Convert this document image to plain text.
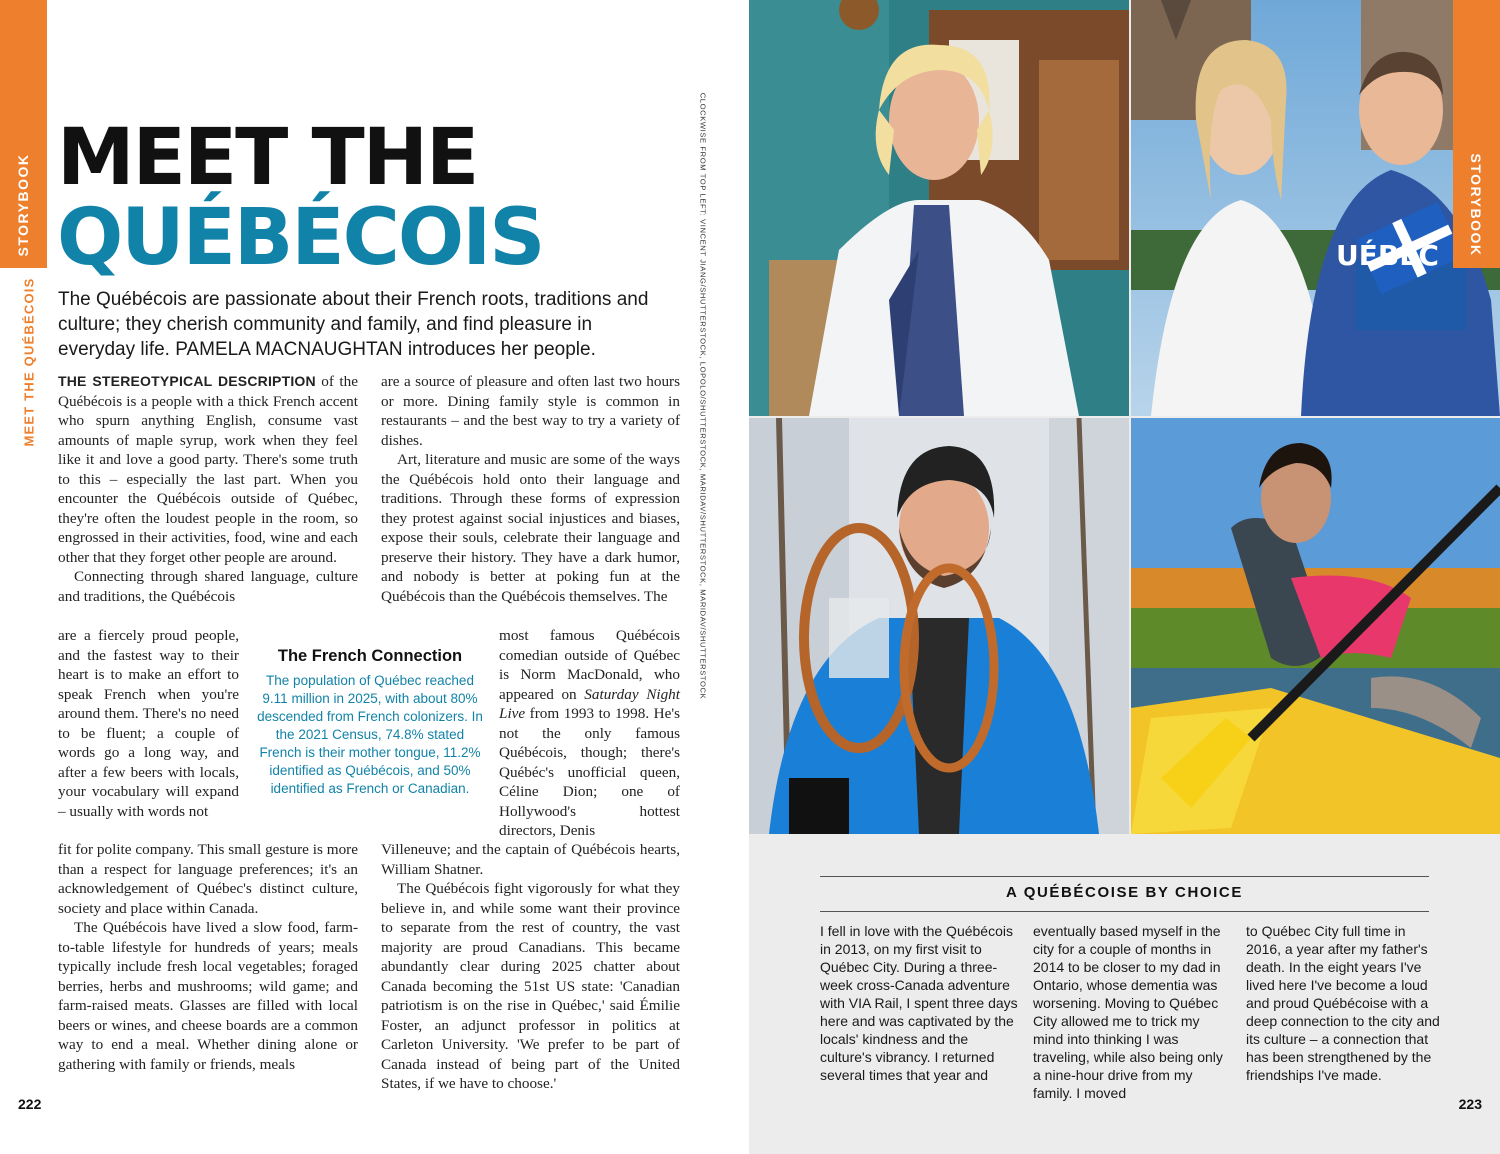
STORYBOOK
MEET THE QUÉBÉCOIS
MEET THE
QUÉBÉCOIS

The Québécois are passionate about their French roots, traditions and culture; they cherish community and family, and find pleasure in everyday life. PAMELA MACNAUGHTAN introduces her people.

THE STEREOTYPICAL DESCRIPTION of the Québécois is a people with a thick French accent who spurn anything English, consume vast amounts of maple syrup, work when they feel like it and love a good party. There's some truth to this – especially the last part. When you encounter the Québécois outside of Québec, they're often the loudest people in the room, so engrossed in their activities, food, wine and each other that they forget other people are around.

Connecting through shared language, culture and traditions, the Québécois

are a fiercely proud people, and the fastest way to their heart is to make an effort to speak French when you're around them. There's no need to be fluent; a couple of words go a long way, and after a few beers with locals, your vocabulary will expand – usually with words not

fit for polite company. This small gesture is more than a respect for language preferences; it's an acknowledgement of Québec's distinct culture, society and place within Canada.

The Québécois have lived a slow food, farm-to-table lifestyle for hundreds of years; meals typically include fresh local vegetables; foraged berries, herbs and mushrooms; wild game; and farm-raised meats. Glasses are filled with local beers or wines, and cheese boards are a common way to end a meal. Whether dining alone or gathering with family or friends, meals

are a source of pleasure and often last two hours or more. Dining family style is common in restaurants – and the best way to try a variety of dishes.

Art, literature and music are some of the ways the Québécois hold onto their language and traditions. Through these forms of expression they protest against social injustices and biases, expose their souls, celebrate their language and preserve their history. They have a dark humor, and nobody is better at poking fun at the Québécois than the Québécois themselves. The

most famous Québécois comedian outside of Québec is Norm MacDonald, who appeared on Saturday Night Live from 1993 to 1998. He's not the only famous Québécois, though; there's Québéc's unofficial queen, Céline Dion; one of Hollywood's hottest directors, Denis

Villeneuve; and the captain of Québécois hearts, William Shatner.

The Québécois fight vigorously for what they believe in, and while some want their province to separate from the rest of country, the vast majority are proud Canadians. This became abundantly clear during 2025 chatter about Canada becoming the 51st US state: 'Canadian patriotism is on the rise in Québec,' said Émilie Foster, an adjunct professor in politics at Carleton University. 'We prefer to be part of Canada instead of being part of the United States, if we have to choose.'

The French Connection

The population of Québec reached 9.11 million in 2025, with about 80% descended from French colonizers. In the 2021 Census, 74.8% stated French is their mother tongue, 11.2% identified as Québécois, and 50% identified as French or Canadian.

CLOCKWISE FROM TOP LEFT: VINCENT JIANG/SHUTTERSTOCK, LOPOLO/SHUTTERSTOCK, MARIDAV/SHUTTERSTOCK, MARIDAV/SHUTTERSTOCK
222
UÉBEC STORYBOOK
A QUÉBÉCOISE BY CHOICE

I fell in love with the Québécois in 2013, on my first visit to Québec City. During a three-week cross-Canada adventure with VIA Rail, I spent three days here and was captivated by the locals' kindness and the culture's vibrancy. I returned several times that year and

eventually based myself in the city for a couple of months in 2014 to be closer to my dad in Ontario, whose dementia was worsening. Moving to Québec City allowed me to trick my mind into thinking I was traveling, while also being only a nine-hour drive from my family. I moved

to Québec City full time in 2016, a year after my father's death. In the eight years I've lived here I've become a loud and proud Québécoise with a deep connection to the city and its culture – a connection that has been strengthened by the friendships I've made.

223
